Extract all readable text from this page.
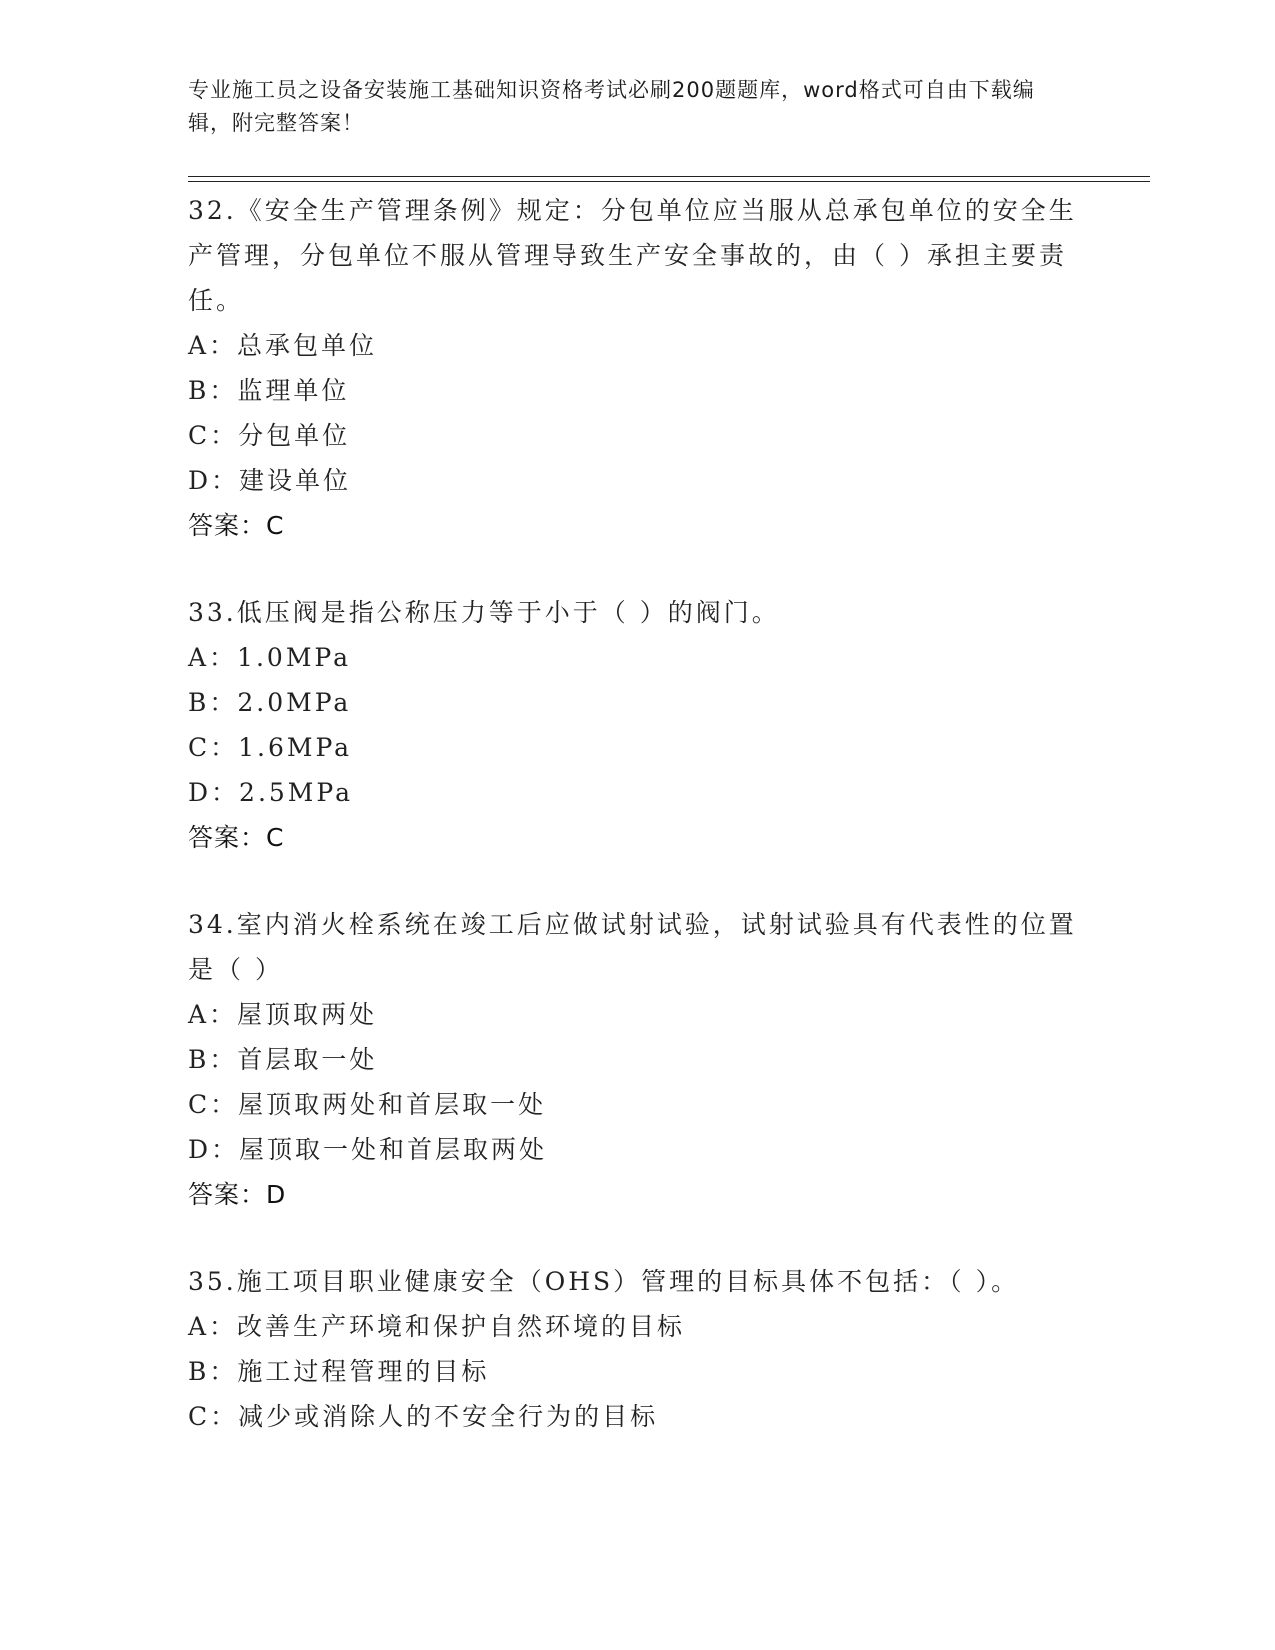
专业施工员之设备安装施工基础知识资格考试必刷200题题库，word格式可自由下载编辑，附完整答案！
32.《安全生产管理条例》规定：分包单位应当服从总承包单位的安全生产管理，分包单位不服从管理导致生产安全事故的，由（ ）承担主要责任。
A：总承包单位
B：监理单位
C：分包单位
D：建设单位
答案：C
33.低压阀是指公称压力等于小于（ ）的阀门。
A：1.0MPa
B：2.0MPa
C：1.6MPa
D：2.5MPa
答案：C
34.室内消火栓系统在竣工后应做试射试验，试射试验具有代表性的位置是（ ）
A：屋顶取两处
B：首层取一处
C：屋顶取两处和首层取一处
D：屋顶取一处和首层取两处
答案：D
35.施工项目职业健康安全（OHS）管理的目标具体不包括：（ ）。
A：改善生产环境和保护自然环境的目标
B：施工过程管理的目标
C：减少或消除人的不安全行为的目标
